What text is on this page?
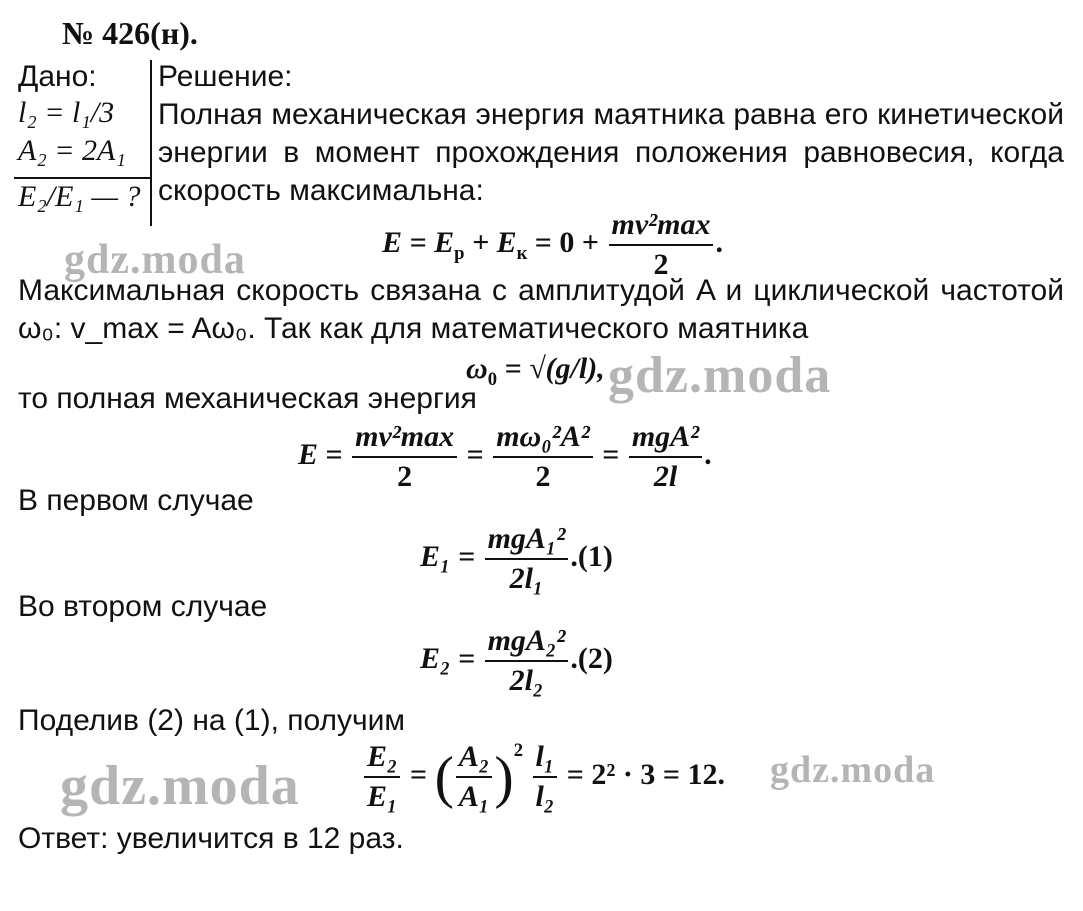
№ 426(н).
Дано:
l₂ = l₁/3
A₂ = 2A₁
E₂/E₁ — ?
Решение:
Полная механическая энергия маятника равна его кинетической
энергии в момент прохождения положения равновесия, когда
скорость максимальна:
$E = E_р + E_к = 0 + \frac{\text{mv²max}}{2}$ .
Максимальная скорость связана с амплитудой A и циклической частотой
ω₀: v_max = Aω₀. Так как для математического маятника
$\omega_0 = √(g/l)$,
то полная механическая энергия
$E = \frac{\text{mv²max}}{2} = \frac{\text{mω₀²A²}}{2} = \frac{\text{mgA²}}{2l}$ .
В первом случае
$E_1 = \frac{\text{mgA₁²}}{\text{2l₁}} .(1)$
Во втором случае
$E_2 = \frac{\text{mgA₂²}}{\text{2l₂}} .(2)$
Поделив (2) на (1), получим
$\frac{\text{E₂}}{\text{E₁}}$ = ( $\frac{\text{A₂}}{\text{A₁}} )^2 \frac{\text{l₁}}{\text{l₂}} = 2^2 \cdot 3 = 12$.
Ответ: увеличится в 12 раз.
gdz.moda
gdz.moda
gdz.moda	gdz.moda
